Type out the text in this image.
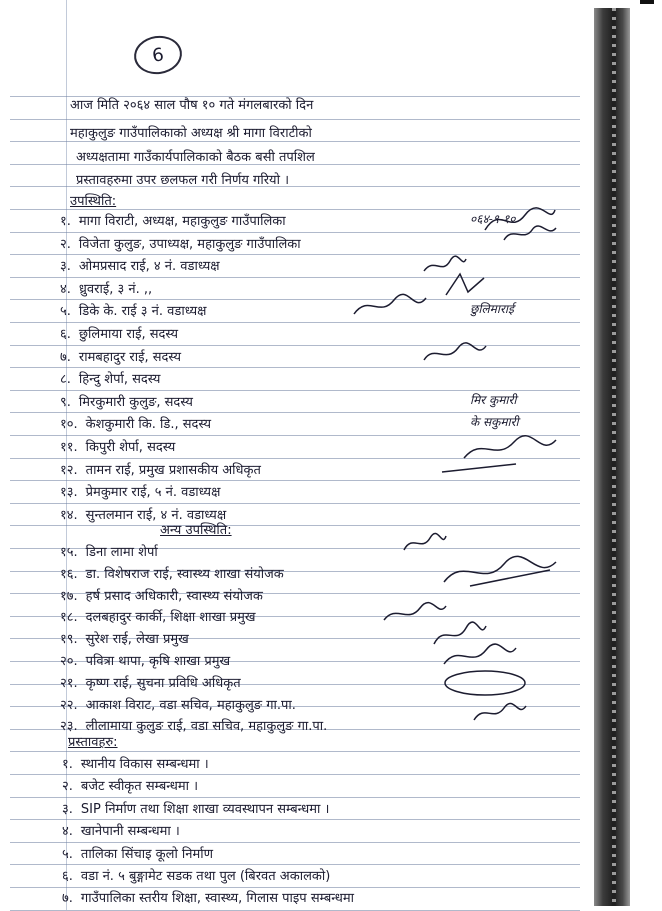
6
आज मिति २०६४ साल पौष १० गते मंगलबारको दिन
महाकुलुङ गाउँपालिकाको अध्यक्ष श्री मागा विराटीको
अध्यक्षतामा गाउँकार्यपालिकाको बैठक बसी तपशिल
प्रस्तावहरुमा उपर छलफल गरी निर्णय गरियो ।
उपस्थिति:
१. मागा विराटी, अध्यक्ष, महाकुलुङ गाउँपालिका	०६४-९-१०
२. विजेता कुलुङ, उपाध्यक्ष, महाकुलुङ गाउँपालिका
३. ओमप्रसाद राई, ४ नं. वडाध्यक्ष
४. ध्रुवराई, ३ नं. ,,
५. डिके के. राई ३ नं. वडाध्यक्ष	छुलिमाराई
६. छुलिमाया राई, सदस्य
७. रामबहादुर राई, सदस्य
८. हिन्दु शेर्पा, सदस्य
९. मिरकुमारी कुलुङ, सदस्य	मिर कुमारी
१०. केशकुमारी कि. डि., सदस्य	के सकुमारी
११. किपुरी शेर्पा, सदस्य
१२. तामन राई, प्रमुख प्रशासकीय अधिकृत
१३. प्रेमकुमार राई, ५ नं. वडाध्यक्ष
१४. सुन्तलमान राई, ४ नं. वडाध्यक्ष
अन्य उपस्थिति:
१५. डिना लामा शेर्पा
१६. डा. विशेषराज राई, स्वास्थ्य शाखा संयोजक
१७. हर्ष प्रसाद अधिकारी, स्वास्थ्य संयोजक
१८. दलबहादुर कार्की, शिक्षा शाखा प्रमुख
१९. सुरेश राई, लेखा प्रमुख
२०. पवित्रा थापा, कृषि शाखा प्रमुख
२१. कृष्ण राई, सुचना प्रविधि अधिकृत
२२. आकाश विराट, वडा सचिव, महाकुलुङ गा.पा.
२३. लीलामाया कुलुङ राई, वडा सचिव, महाकुलुङ गा.पा.
प्रस्तावहरु:
१. स्थानीय विकास सम्बन्धमा ।
२. बजेट स्वीकृत सम्बन्धमा ।
३. SIP निर्माण तथा शिक्षा शाखा व्यवस्थापन सम्बन्धमा ।
४. खानेपानी सम्बन्धमा ।
५. तालिका सिंचाइ कूलो निर्माण
६. वडा नं. ५ बुङ्गामेट सडक तथा पुल (बिरवत अकालको)
७. गाउँपालिका स्तरीय शिक्षा, स्वास्थ्य, गिलास पाइप सम्बन्धमा
